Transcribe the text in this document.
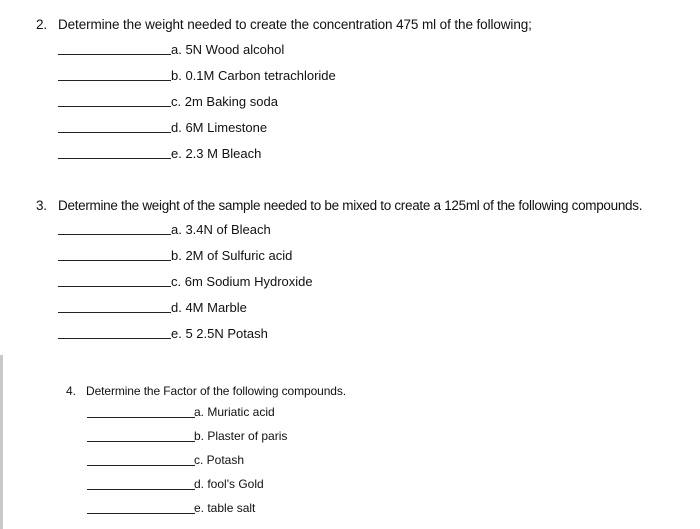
2. Determine the weight needed to create the concentration 475 ml of the following;
a. 5N Wood alcohol
b. 0.1M Carbon tetrachloride
c. 2m Baking soda
d. 6M Limestone
e. 2.3 M Bleach
3. Determine the weight of the sample needed to be mixed to create a 125ml of the following compounds.
a. 3.4N of Bleach
b. 2M of Sulfuric acid
c. 6m Sodium Hydroxide
d. 4M Marble
e. 5 2.5N Potash
4. Determine the Factor of the following compounds.
a. Muriatic acid
b. Plaster of paris
c. Potash
d. fool's Gold
e. table salt
